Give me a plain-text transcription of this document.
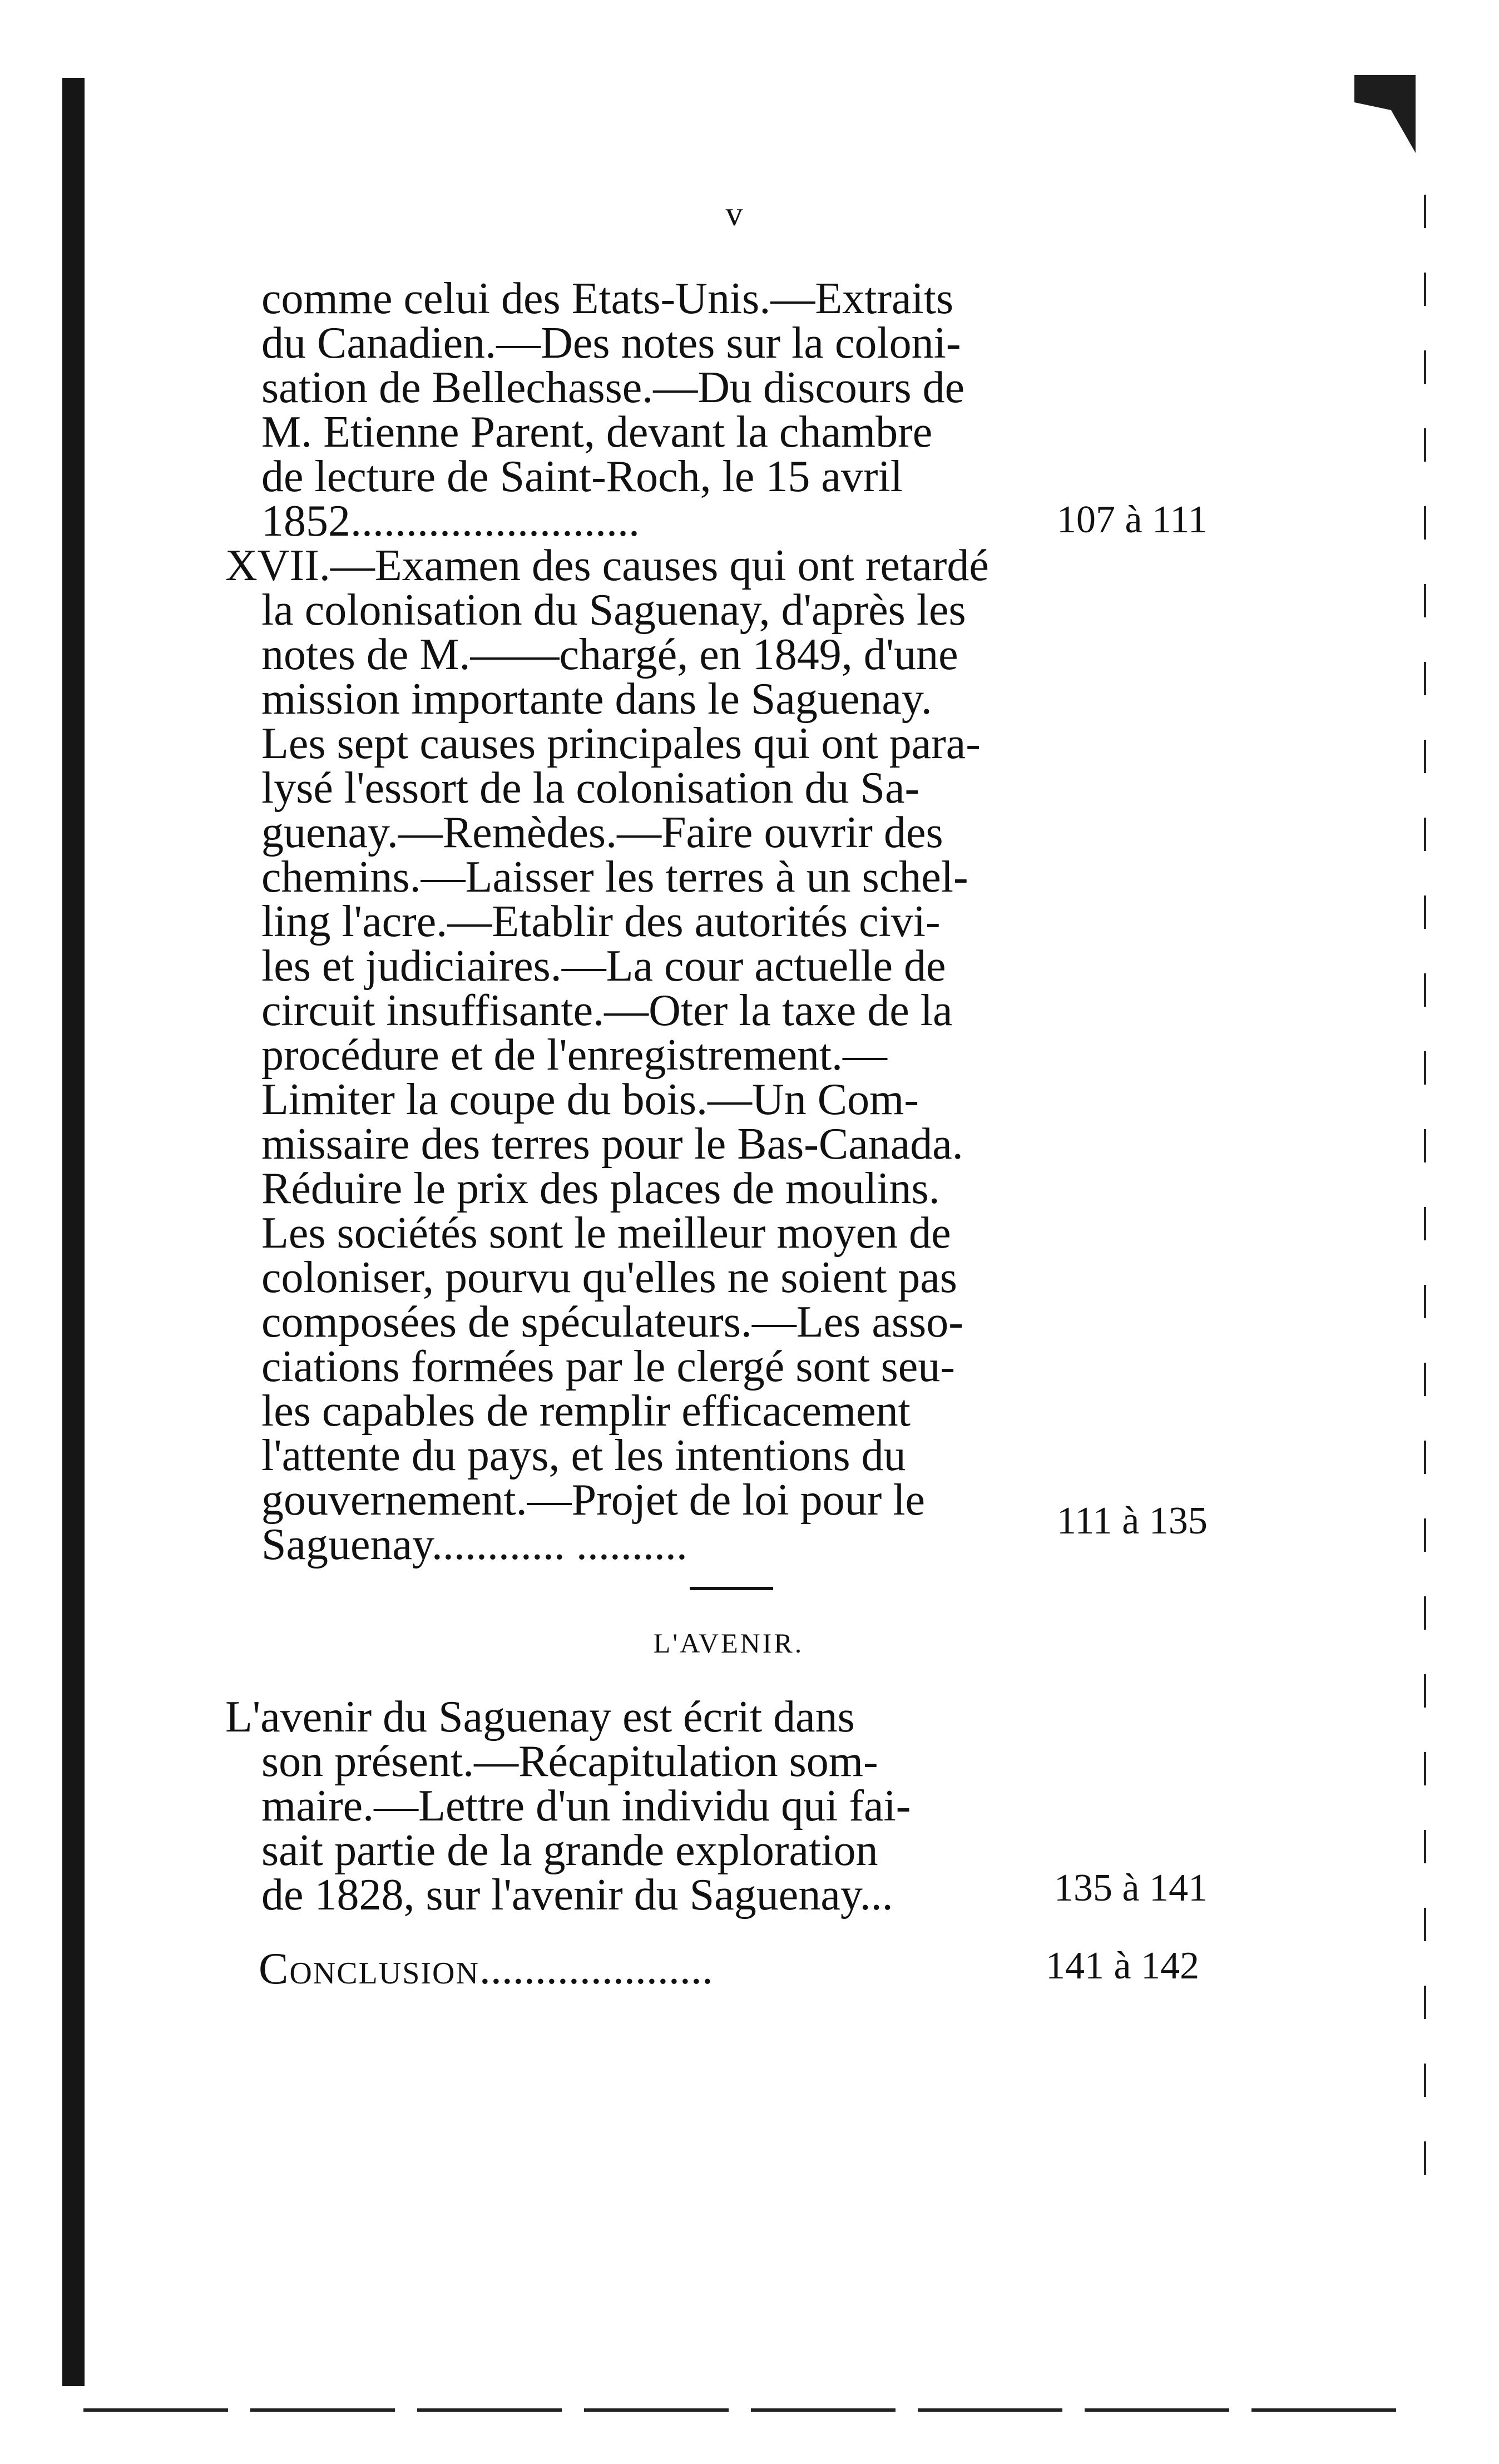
v
comme celui des Etats-Unis.—Extraits
du Canadien.—Des notes sur la coloni-
sation de Bellechasse.—Du discours de
M. Etienne Parent, devant la chambre
de lecture de Saint-Roch, le 15 avril
1852..........................	107 à 111
XVII.—Examen des causes qui ont retardé
la colonisation du Saguenay, d'après les
notes de M.——chargé, en 1849, d'une
mission importante dans le Saguenay.
Les sept causes principales qui ont para-
lysé l'essort de la colonisation du Sa-
guenay.—Remèdes.—Faire ouvrir des
chemins.—Laisser les terres à un schel-
ling l'acre.—Etablir des autorités civi-
les et judiciaires.—La cour actuelle de
circuit insuffisante.—Oter la taxe de la
procédure et de l'enregistrement.—
Limiter la coupe du bois.—Un Com-
missaire des terres pour le Bas-Canada.
Réduire le prix des places de moulins.
Les sociétés sont le meilleur moyen de
coloniser, pourvu qu'elles ne soient pas
composées de spéculateurs.—Les asso-
ciations formées par le clergé sont seu-
les capables de remplir efficacement
l'attente du pays, et les intentions du
gouvernement.—Projet de loi pour le
Saguenay............ ..........	111 à 135
L'AVENIR.
L'avenir du Saguenay est écrit dans
son présent.—Récapitulation som-
maire.—Lettre d'un individu qui fai-
sait partie de la grande exploration
de 1828, sur l'avenir du Saguenay...	135 à 141
Conclusion.....................	141 à 142
